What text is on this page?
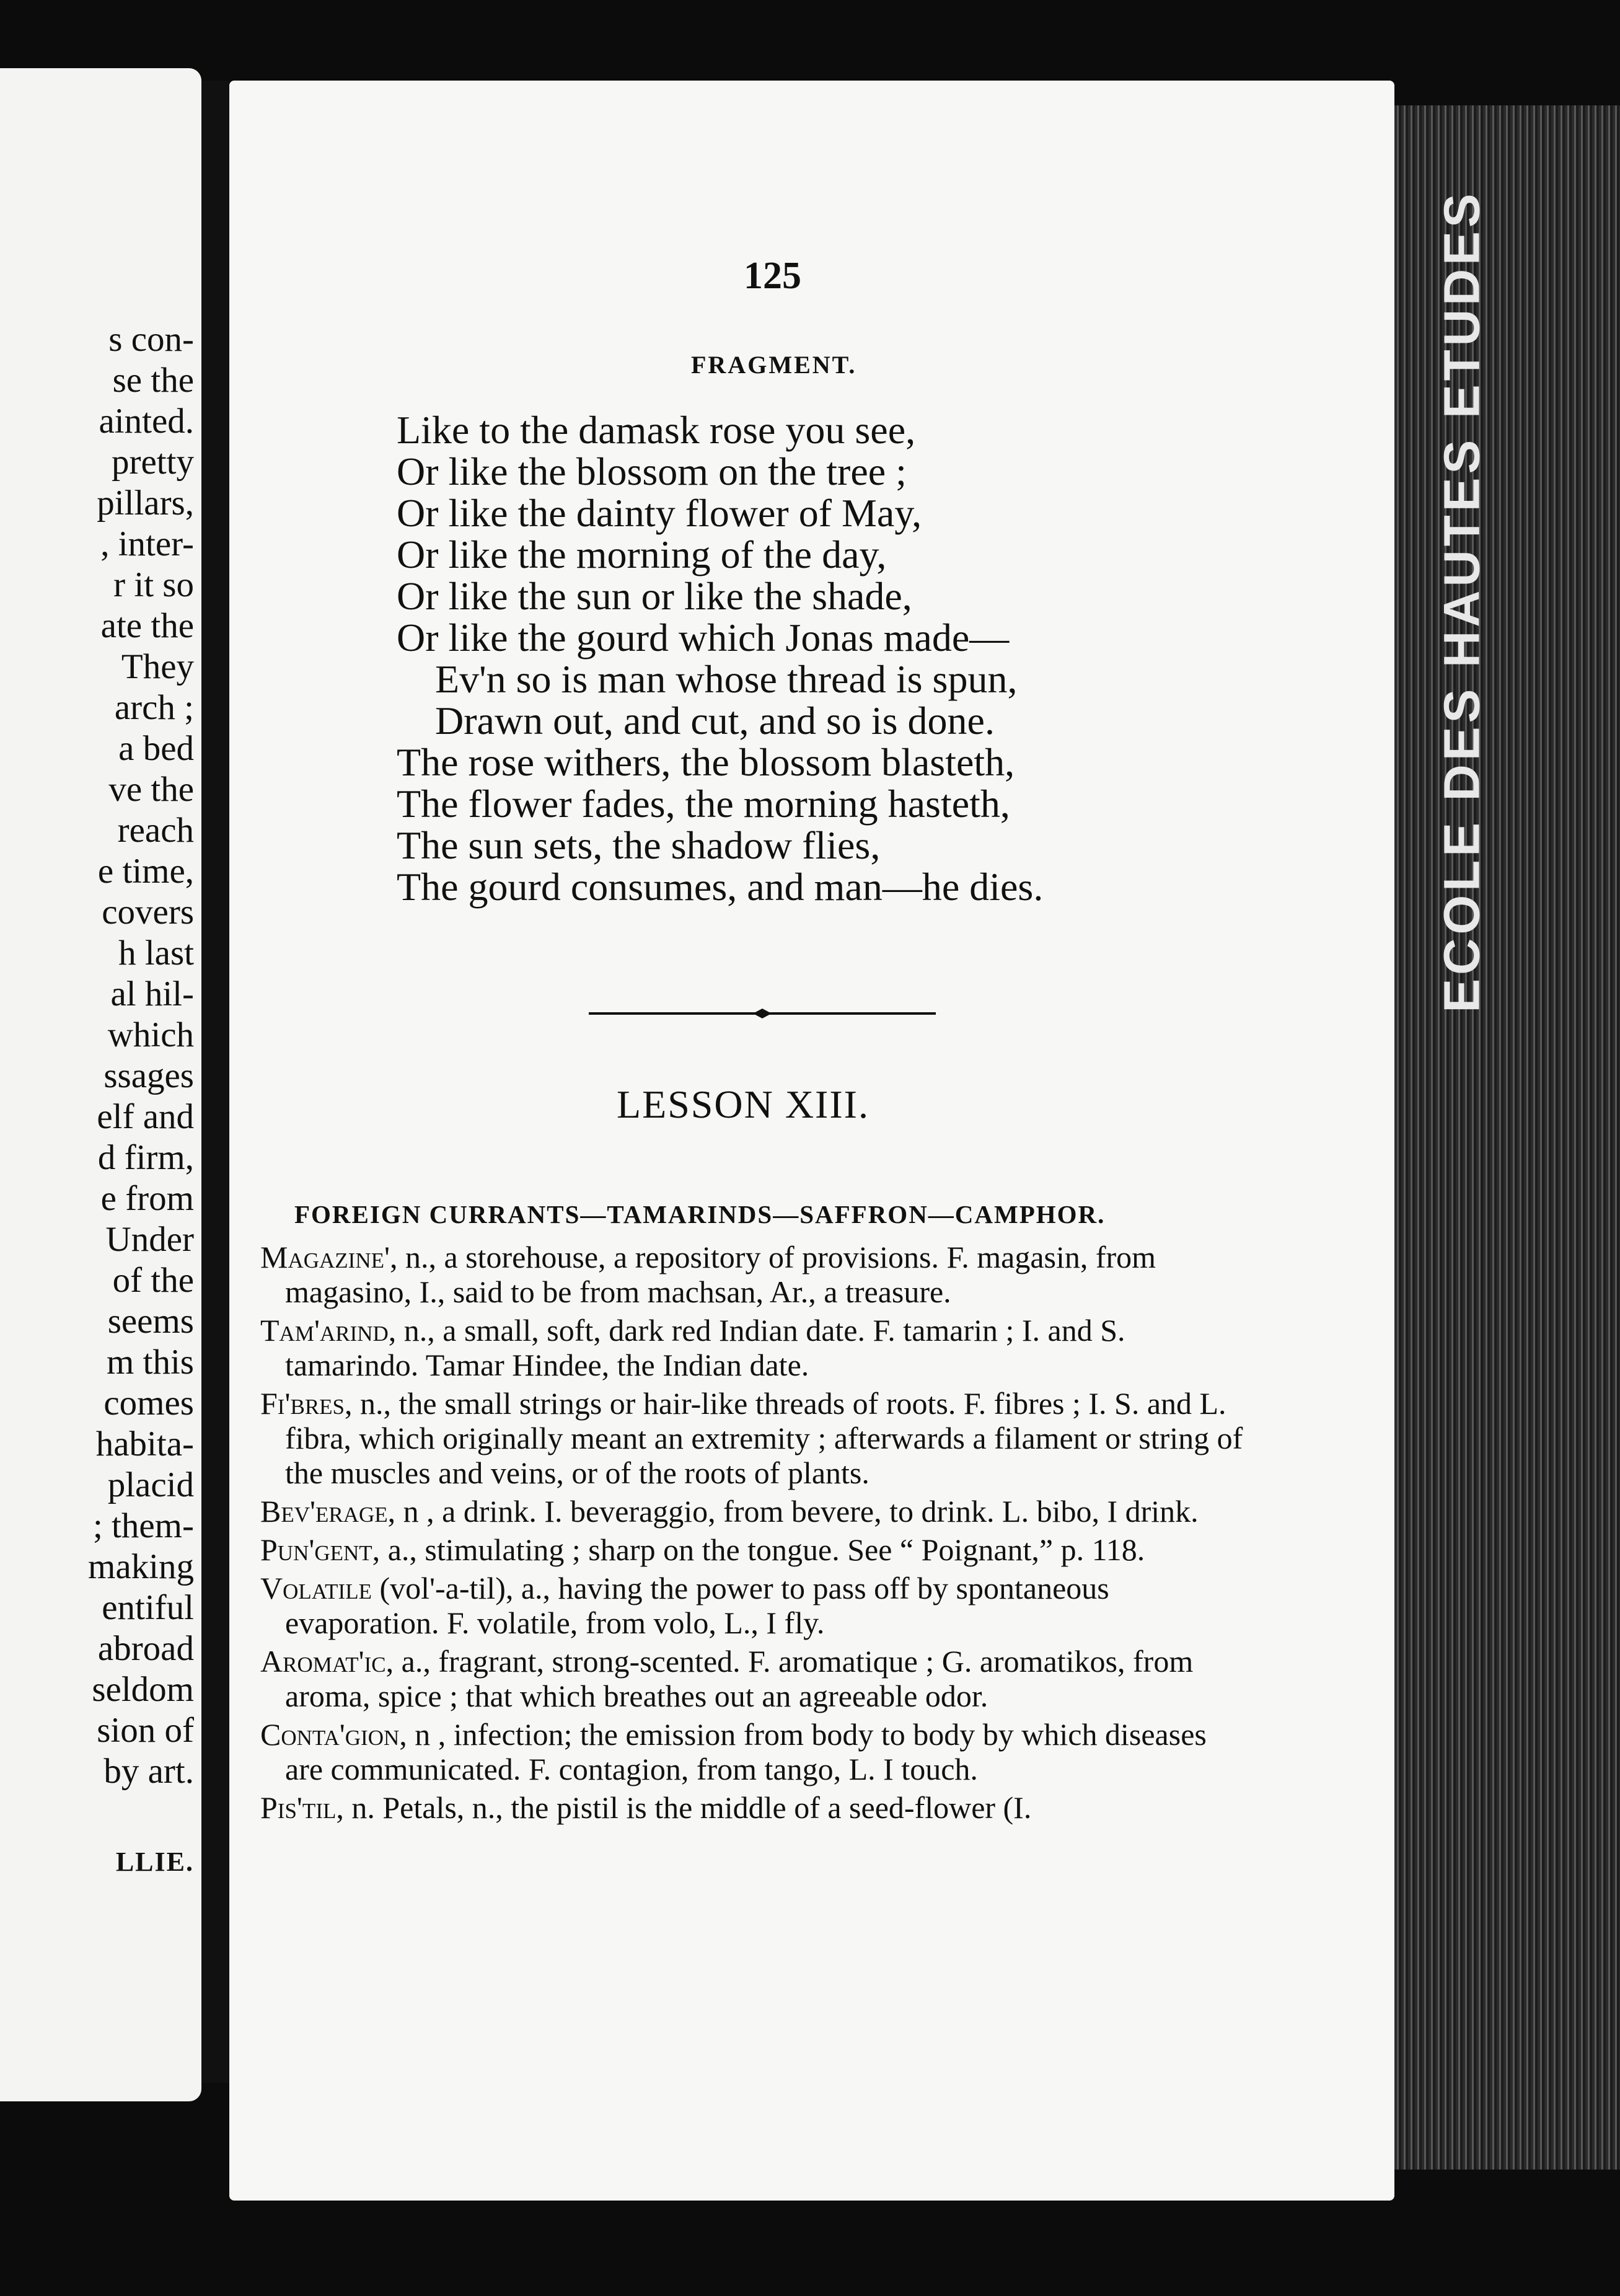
s con-
se the
ainted.
pretty
pillars,
, inter-
r it so
ate the
They
arch ;
a bed
ve the
reach
e time,
covers
h last
al hil-
which
ssages
elf and
d firm,
e from
Under
of the
seems
m this
comes
habita-
placid
; them-
making
entiful
abroad
seldom
sion of
by art.
LLIE.
ECOLE DES HAUTES ETUDES
125
FRAGMENT.
Like to the damask rose you see,
Or like the blossom on the tree ;
Or like the dainty flower of May,
Or like the morning of the day,
Or like the sun or like the shade,
Or like the gourd which Jonas made—
Ev'n so is man whose thread is spun,
Drawn out, and cut, and so is done.
The rose withers, the blossom blasteth,
The flower fades, the morning hasteth,
The sun sets, the shadow flies,
The gourd consumes, and man—he dies.
LESSON XIII.
FOREIGN CURRANTS—TAMARINDS—SAFFRON—CAMPHOR.
Magazine', n., a storehouse, a repository of provisions. F. magasin, from magasino, I., said to be from machsan, Ar., a treasure.
Tam'arind, n., a small, soft, dark red Indian date. F. tamarin ; I. and S. tamarindo. Tamar Hindee, the Indian date.
Fi'bres, n., the small strings or hair-like threads of roots. F. fibres ; I. S. and L. fibra, which originally meant an extremity ; afterwards a filament or string of the muscles and veins, or of the roots of plants.
Bev'erage, n , a drink. I. beveraggio, from bevere, to drink. L. bibo, I drink.
Pun'gent, a., stimulating ; sharp on the tongue. See “ Poignant,” p. 118.
Volatile (vol'-a-til), a., having the power to pass off by spontaneous evaporation. F. volatile, from volo, L., I fly.
Aromat'ic, a., fragrant, strong-scented. F. aromatique ; G. aromatikos, from aroma, spice ; that which breathes out an agreeable odor.
Conta'gion, n , infection; the emission from body to body by which diseases are communicated. F. contagion, from tango, L. I touch.
Pis'til, n. Petals, n., the pistil is the middle of a seed-flower (I.
